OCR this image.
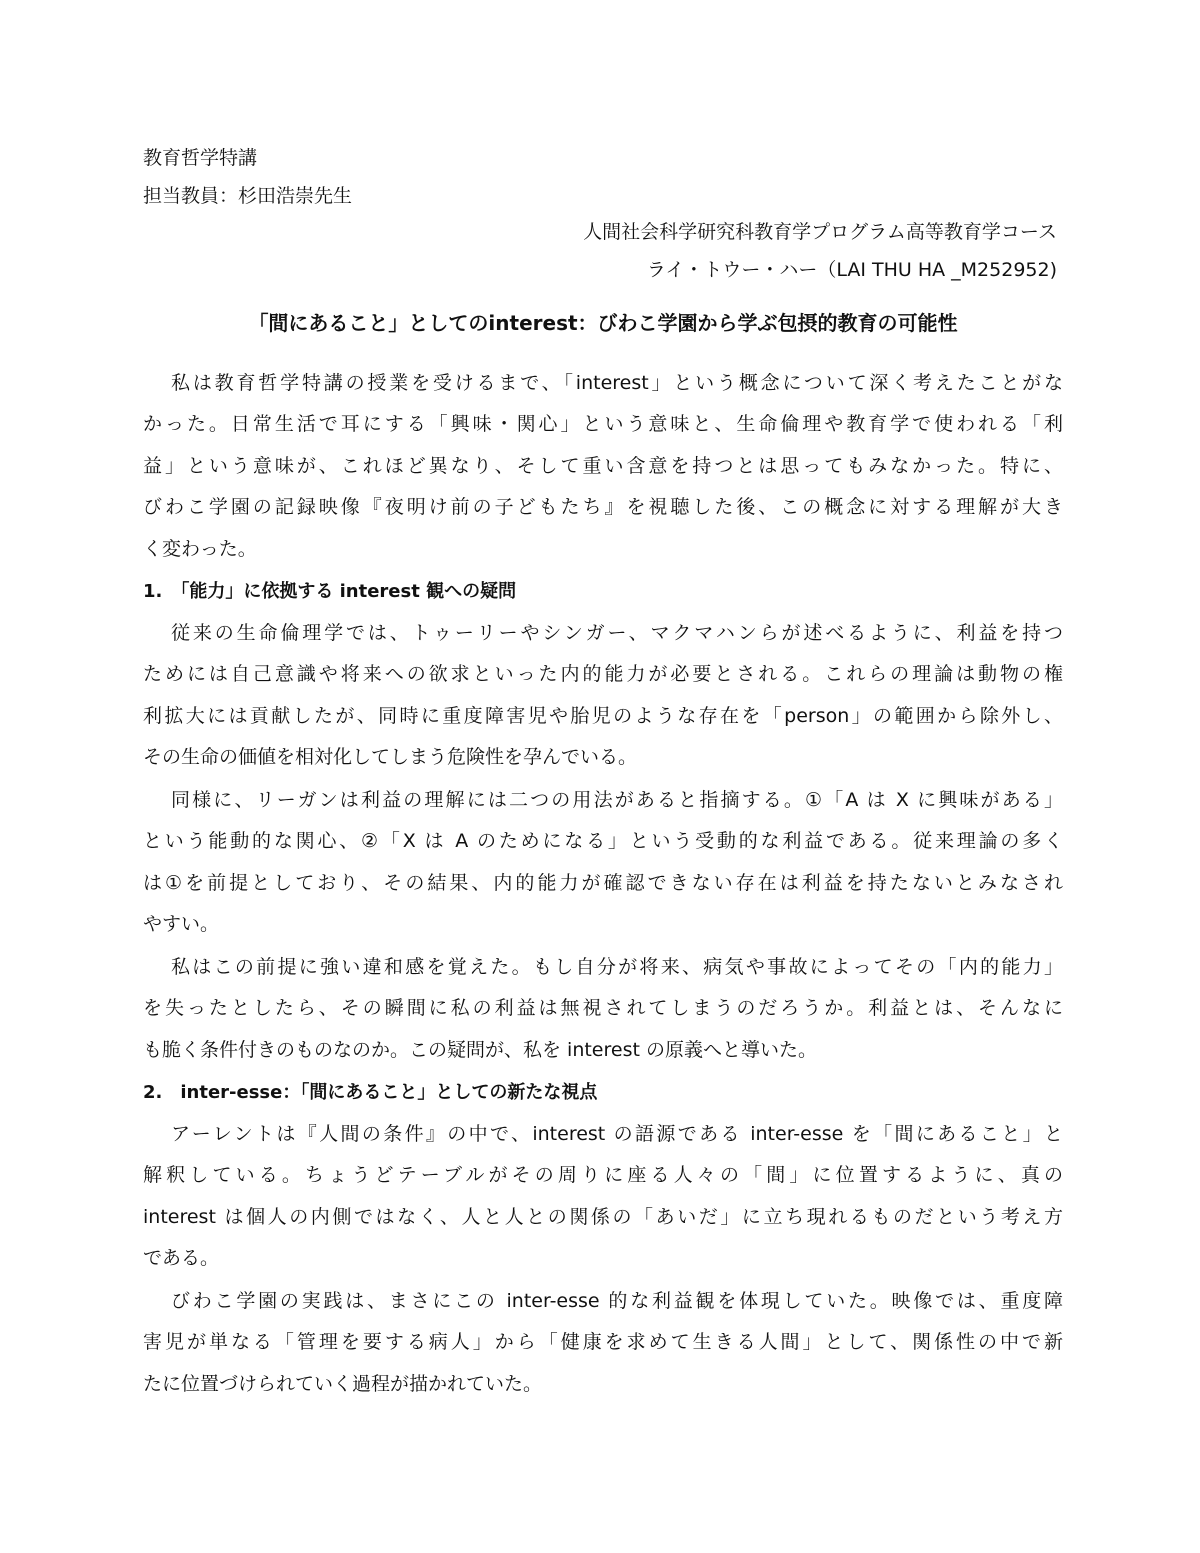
教育哲学特講
担当教員：杉田浩崇先生
人間社会科学研究科教育学プログラム高等教育学コース
ライ・トウー・ハー（LAI THU HA _M252952)
「間にあること」としてのinterest：びわこ学園から学ぶ包摂的教育の可能性
私は教育哲学特講の授業を受けるまで、「interest」という概念について深く考えたことがな
かった。日常生活で耳にする「興味・関心」という意味と、生命倫理や教育学で使われる「利
益」という意味が、これほど異なり、そして重い含意を持つとは思ってもみなかった。特に、
びわこ学園の記録映像『夜明け前の子どもたち』を視聴した後、この概念に対する理解が大き
く変わった。
1.　「能力」に依拠する interest 観への疑問
従来の生命倫理学では、トゥーリーやシンガー、マクマハンらが述べるように、利益を持つ
ためには自己意識や将来への欲求といった内的能力が必要とされる。これらの理論は動物の権
利拡大には貢献したが、同時に重度障害児や胎児のような存在を「person」の範囲から除外し、
その生命の価値を相対化してしまう危険性を孕んでいる。
同様に、リーガンは利益の理解には二つの用法があると指摘する。①「A は X に興味がある」
という能動的な関心、②「X は A のためになる」という受動的な利益である。従来理論の多く
は①を前提としており、その結果、内的能力が確認できない存在は利益を持たないとみなされ
やすい。
私はこの前提に強い違和感を覚えた。もし自分が将来、病気や事故によってその「内的能力」
を失ったとしたら、その瞬間に私の利益は無視されてしまうのだろうか。利益とは、そんなに
も脆く条件付きのものなのか。この疑問が、私を interest の原義へと導いた。
2.　inter-esse：「間にあること」としての新たな視点
アーレントは『人間の条件』の中で、interest の語源である inter-esse を「間にあること」と
解釈している。ちょうどテーブルがその周りに座る人々の「間」に位置するように、真の
interest は個人の内側ではなく、人と人との関係の「あいだ」に立ち現れるものだという考え方
である。
びわこ学園の実践は、まさにこの inter-esse 的な利益観を体現していた。映像では、重度障
害児が単なる「管理を要する病人」から「健康を求めて生きる人間」として、関係性の中で新
たに位置づけられていく過程が描かれていた。
